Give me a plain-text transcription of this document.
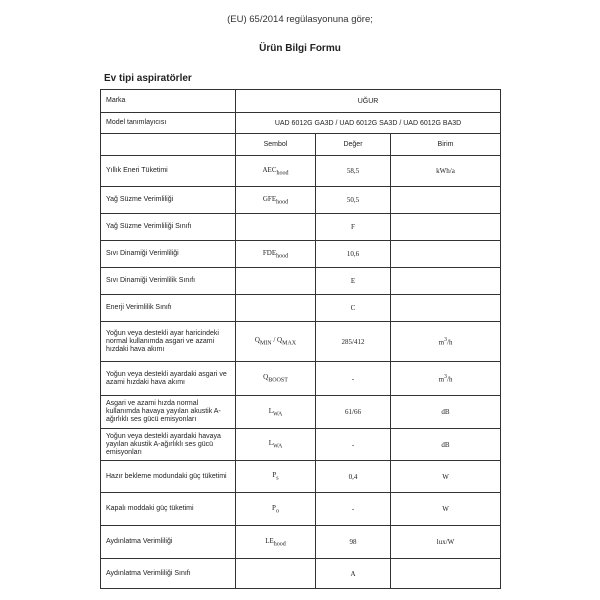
(EU) 65/2014 regülasyonuna göre;
Ürün Bilgi Formu
Ev tipi aspiratörler
Marka	UĞUR		
Model tanımlayıcısı	UAD 6012G GA3D / UAD 6012G SA3D / UAD 6012G BA3D		
	Sembol	Değer	Birim
Yıllık Eneri Tüketimi	$AEC_{hood}$	58,5	kWh/a
Yağ Süzme Verimliliği	$GFE_{hood}$	50,5	
Yağ Süzme Verimliliği Sınıfı		F	
Sıvı Dinamiği Verimliliği	$FDE_{hood}$	10,6	
Sıvı Dinamiği Verimlilik Sınıfı		E	
Enerji Verimlilik Sınıfı		C	
Yoğun veya destekli ayar haricindeki normal kullanımda asgari ve azami hızdaki hava akımı	$Q_{MIN} / Q_{MAX}$	285/412	$m^3/h$
Yoğun veya destekli ayardaki asgari ve azami hızdaki hava akımı	$Q_{BOOST}$	-	$m^3/h$
Asgari ve azami hızda normal kullanımda havaya yayılan akustik A-ağırlıklı ses gücü emisyonları	$L_{WA}$	61/66	dB
Yoğun veya destekli ayardaki havaya yayılan akustik A-ağırlıklı ses gücü emisyonları	$L_{WA}$	-	dB
Hazır bekleme modundaki güç tüketimi	$P_s$	0,4	W
Kapalı moddaki güç tüketimi	$P_o$	-	W
Aydınlatma Verimliliği	$LE_{hood}$	98	lux/W
Aydınlatma Verimliliği Sınıfı		A	
